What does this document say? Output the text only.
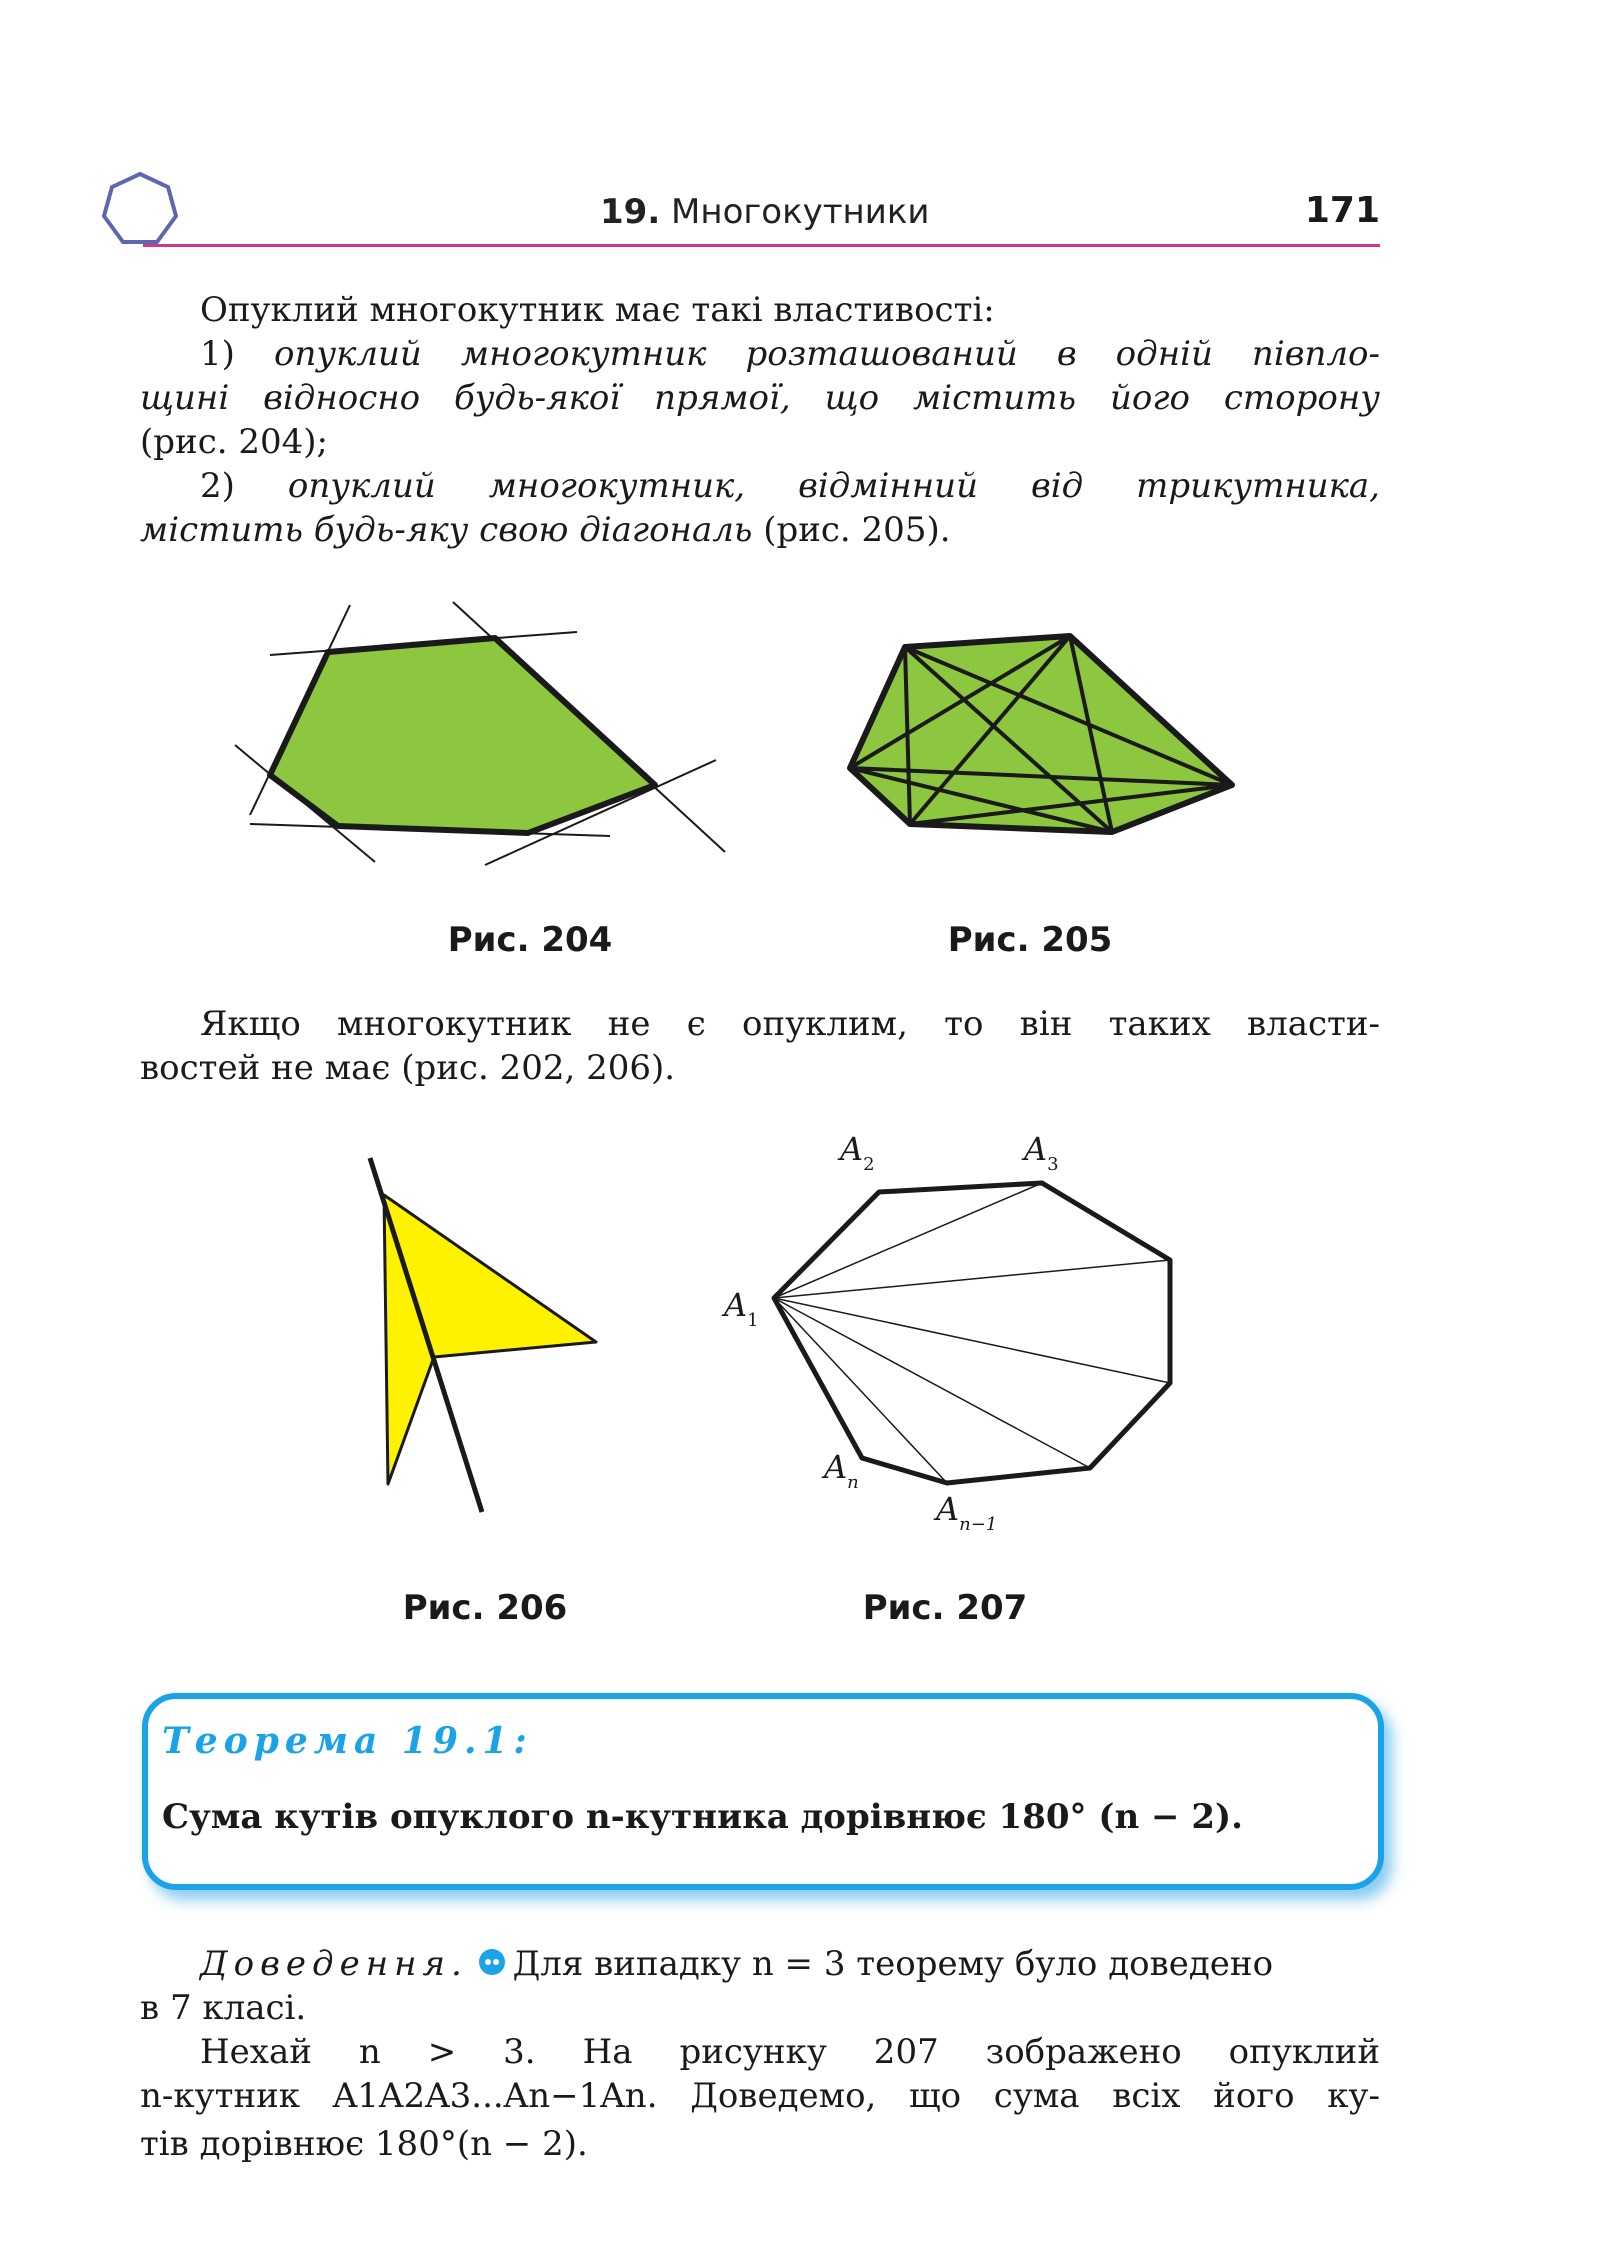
19. Многокутники	171
Опуклий многокутник має такі властивості:
1) опуклий многокутник розташований в одній півпло-
щині відносно будь-якої прямої, що містить його сторону
(рис. 204);
2) опуклий многокутник, відмінний від трикутника,
містить будь-яку свою діагональ (рис. 205).
Рис. 204	Рис. 205
Якщо многокутник не є опуклим, то він таких власти-
востей не має (рис. 202, 206).
Рис. 206
$A_2$	$A_3$
$A_1$
$A_n$
$A_{n-1}$
Рис. 207
Теорема 19.1:
Сума кутів опуклого n-кутника дорівнює 180° (n − 2).
Доведення. Для випадку n = 3 теорему було доведено
в 7 класі.
Нехай n > 3. На рисунку 207 зображено опуклий
n-кутник A1A2A3...An−1An. Доведемо, що сума всіх його ку-
тів дорівнює 180°(n − 2).
